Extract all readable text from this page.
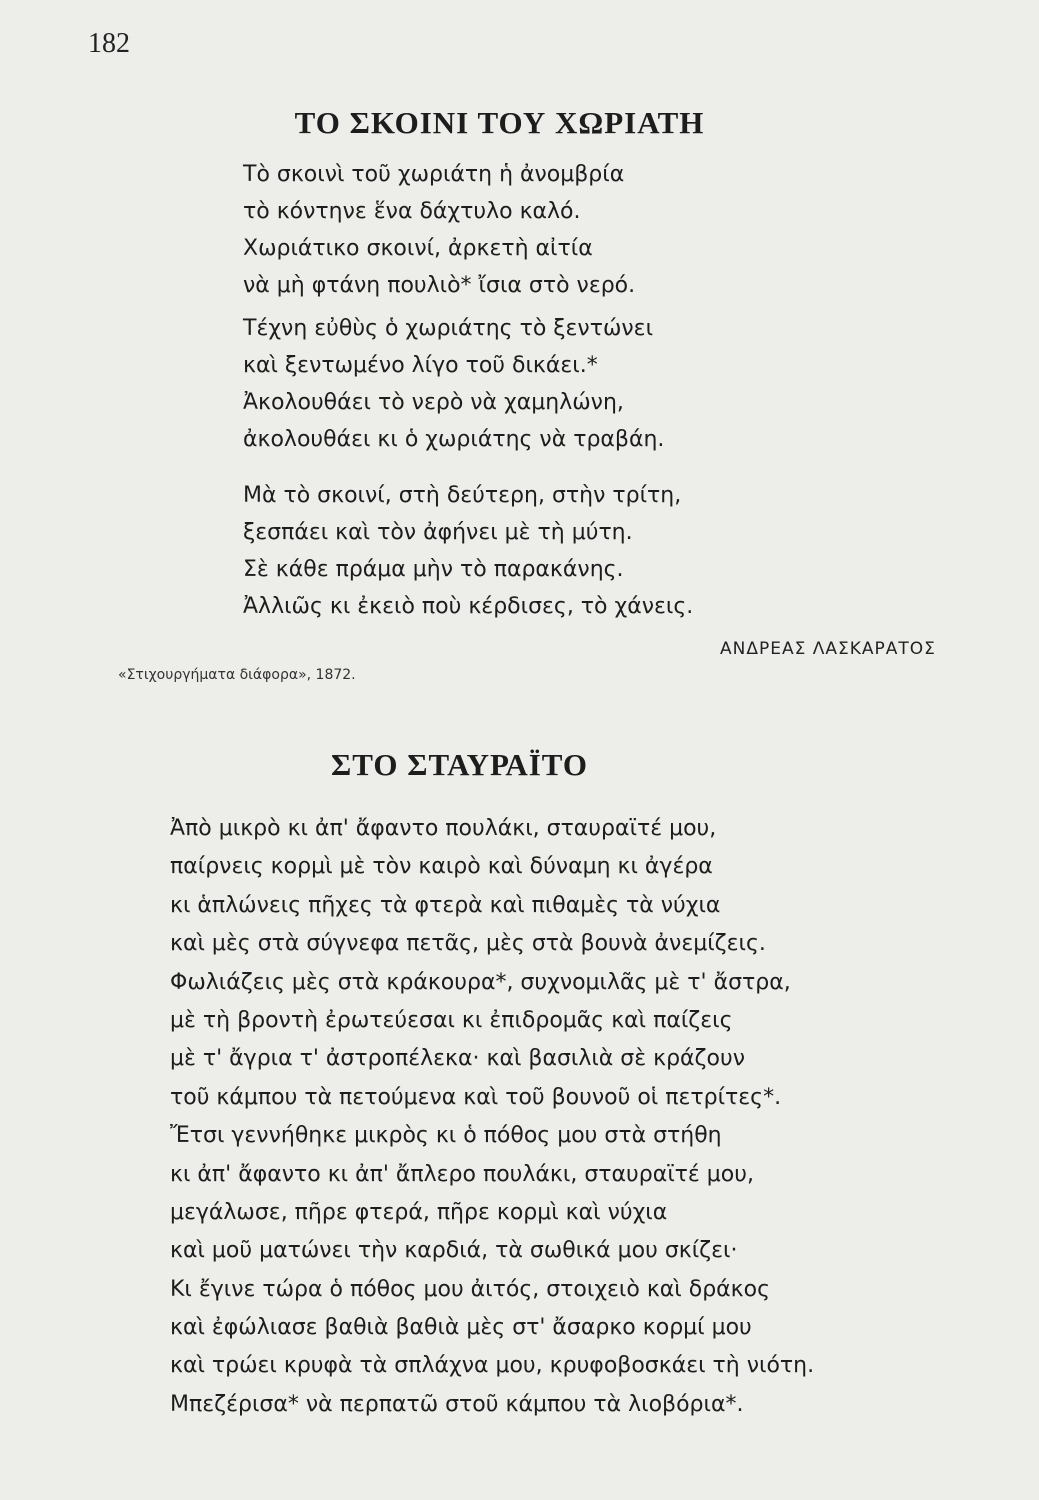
182
ΤΟ ΣΚΟΙΝΙ ΤΟΥ ΧΩΡΙΑΤΗ
Τὸ σκοινὶ τοῦ χωριάτη ἡ ἀνομβρία
τὸ κόντηνε ἕνα δάχτυλο καλό.
Χωριάτικο σκοινί, ἀρκετὴ αἰτία
νὰ μὴ φτάνη πουλιὸ* ἴσια στὸ νερό.
Τέχνη εὐθὺς ὁ χωριάτης τὸ ξεντώνει
καὶ ξεντωμένο λίγο τοῦ δικάει.*
Ἀκολουθάει τὸ νερὸ νὰ χαμηλώνη,
ἀκολουθάει κι ὁ χωριάτης νὰ τραβάη.
Μὰ τὸ σκοινί, στὴ δεύτερη, στὴν τρίτη,
ξεσπάει καὶ τὸν ἀφήνει μὲ τὴ μύτη.
Σὲ κάθε πράμα μὴν τὸ παρακάνης.
Ἀλλιῶς κι ἐκειὸ ποὺ κέρδισες, τὸ χάνεις.
ΑΝΔΡΕΑΣ ΛΑΣΚΑΡΑΤΟΣ
«Στιχουργήματα διάφορα», 1872.
ΣΤΟ ΣΤΑΥΡΑΪΤΟ
Ἀπὸ μικρὸ κι ἀπ' ἄφαντο πουλάκι, σταυραϊτέ μου,
παίρνεις κορμὶ μὲ τὸν καιρὸ καὶ δύναμη κι ἀγέρα
κι ἁπλώνεις πῆχες τὰ φτερὰ καὶ πιθαμὲς τὰ νύχια
καὶ μὲς στὰ σύγνεφα πετᾶς, μὲς στὰ βουνὰ ἀνεμίζεις.
Φωλιάζεις μὲς στὰ κράκουρα*, συχνομιλᾶς μὲ τ' ἄστρα,
μὲ τὴ βροντὴ ἐρωτεύεσαι κι ἐπιδρομᾶς καὶ παίζεις
μὲ τ' ἄγρια τ' ἀστροπέλεκα· καὶ βασιλιὰ σὲ κράζουν
τοῦ κάμπου τὰ πετούμενα καὶ τοῦ βουνοῦ οἱ πετρίτες*.
Ἔτσι γεννήθηκε μικρὸς κι ὁ πόθος μου στὰ στήθη
κι ἀπ' ἄφαντο κι ἀπ' ἄπλερο πουλάκι, σταυραϊτέ μου,
μεγάλωσε, πῆρε φτερά, πῆρε κορμὶ καὶ νύχια
καὶ μοῦ ματώνει τὴν καρδιά, τὰ σωθικά μου σκίζει·
Κι ἔγινε τώρα ὁ πόθος μου ἀιτός, στοιχειὸ καὶ δράκος
καὶ ἐφώλιασε βαθιὰ βαθιὰ μὲς στ' ἄσαρκο κορμί μου
καὶ τρώει κρυφὰ τὰ σπλάχνα μου, κρυφοβοσκάει τὴ νιότη.
Μπεζέρισα* νὰ περπατῶ στοῦ κάμπου τὰ λιοβόρια*.
